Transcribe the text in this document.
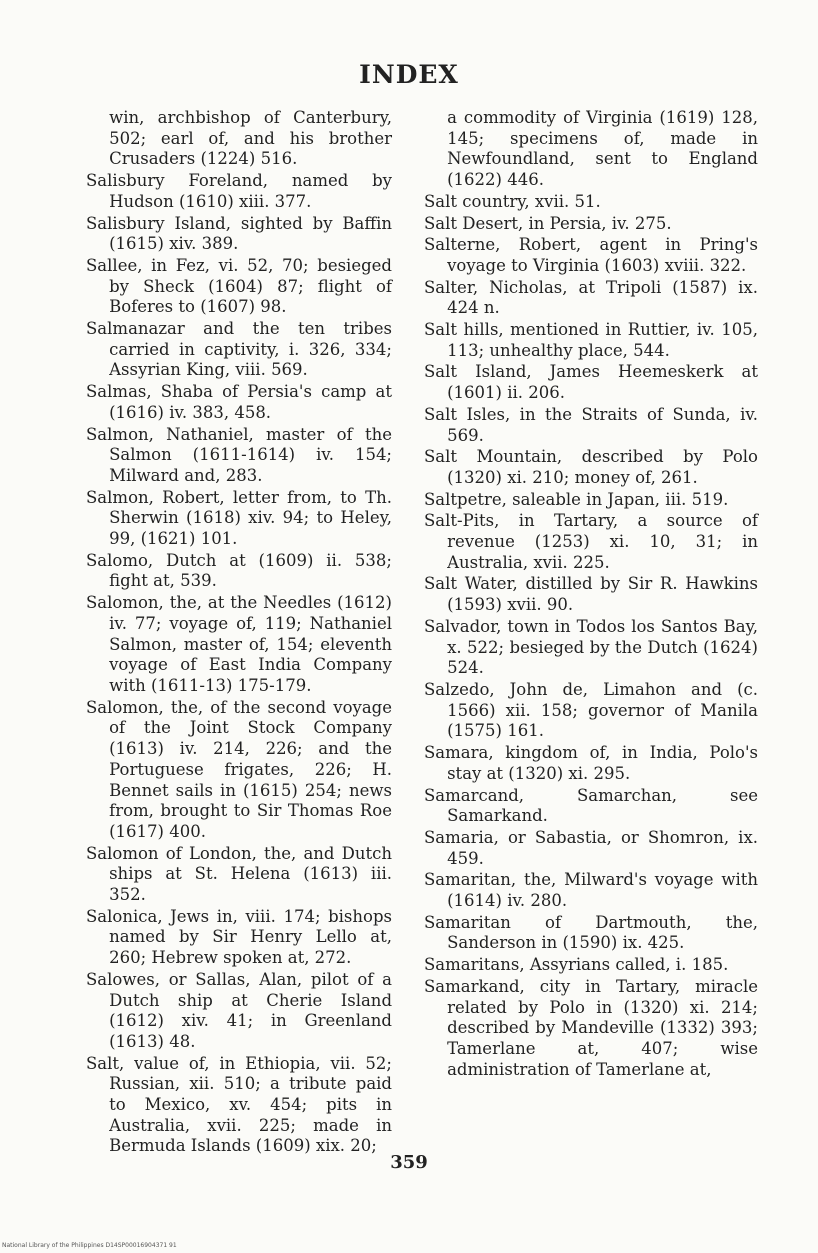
INDEX

win, archbishop of Canterbury, 502; earl of, and his brother Crusaders (1224) 516.

Salisbury Foreland, named by Hudson (1610) xiii. 377.

Salisbury Island, sighted by Baffin (1615) xiv. 389.

Sallee, in Fez, vi. 52, 70; besieged by Sheck (1604) 87; flight of Boferes to (1607) 98.

Salmanazar and the ten tribes carried in captivity, i. 326, 334; Assyrian King, viii. 569.

Salmas, Shaba of Persia's camp at (1616) iv. 383, 458.

Salmon, Nathaniel, master of the Salmon (1611-1614) iv. 154; Milward and, 283.

Salmon, Robert, letter from, to Th. Sherwin (1618) xiv. 94; to Heley, 99, (1621) 101.

Salomo, Dutch at (1609) ii. 538; fight at, 539.

Salomon, the, at the Needles (1612) iv. 77; voyage of, 119; Nathaniel Salmon, master of, 154; eleventh voyage of East India Company with (1611-13) 175-179.

Salomon, the, of the second voyage of the Joint Stock Company (1613) iv. 214, 226; and the Portuguese frigates, 226; H. Bennet sails in (1615) 254; news from, brought to Sir Thomas Roe (1617) 400.

Salomon of London, the, and Dutch ships at St. Helena (1613) iii. 352.

Salonica, Jews in, viii. 174; bishops named by Sir Henry Lello at, 260; Hebrew spoken at, 272.

Salowes, or Sallas, Alan, pilot of a Dutch ship at Cherie Island (1612) xiv. 41; in Greenland (1613) 48.

Salt, value of, in Ethiopia, vii. 52; Russian, xii. 510; a tribute paid to Mexico, xv. 454; pits in Australia, xvii. 225; made in Bermuda Islands (1609) xix. 20;

a commodity of Virginia (1619) 128, 145; specimens of, made in Newfoundland, sent to England (1622) 446.

Salt country, xvii. 51.

Salt Desert, in Persia, iv. 275.

Salterne, Robert, agent in Pring's voyage to Virginia (1603) xviii. 322.

Salter, Nicholas, at Tripoli (1587) ix. 424 n.

Salt hills, mentioned in Ruttier, iv. 105, 113; unhealthy place, 544.

Salt Island, James Heemeskerk at (1601) ii. 206.

Salt Isles, in the Straits of Sunda, iv. 569.

Salt Mountain, described by Polo (1320) xi. 210; money of, 261.

Saltpetre, saleable in Japan, iii. 519.

Salt-Pits, in Tartary, a source of revenue (1253) xi. 10, 31; in Australia, xvii. 225.

Salt Water, distilled by Sir R. Hawkins (1593) xvii. 90.

Salvador, town in Todos los Santos Bay, x. 522; besieged by the Dutch (1624) 524.

Salzedo, John de, Limahon and (c. 1566) xii. 158; governor of Manila (1575) 161.

Samara, kingdom of, in India, Polo's stay at (1320) xi. 295.

Samarcand, Samarchan, see Samarkand.

Samaria, or Sabastia, or Shomron, ix. 459.

Samaritan, the, Milward's voyage with (1614) iv. 280.

Samaritan of Dartmouth, the, Sanderson in (1590) ix. 425.

Samaritans, Assyrians called, i. 185.

Samarkand, city in Tartary, miracle related by Polo in (1320) xi. 214; described by Mandeville (1332) 393; Tamerlane at, 407; wise administration of Tamerlane at,

359
National Library of the Philippines D14SP00016904371 91
